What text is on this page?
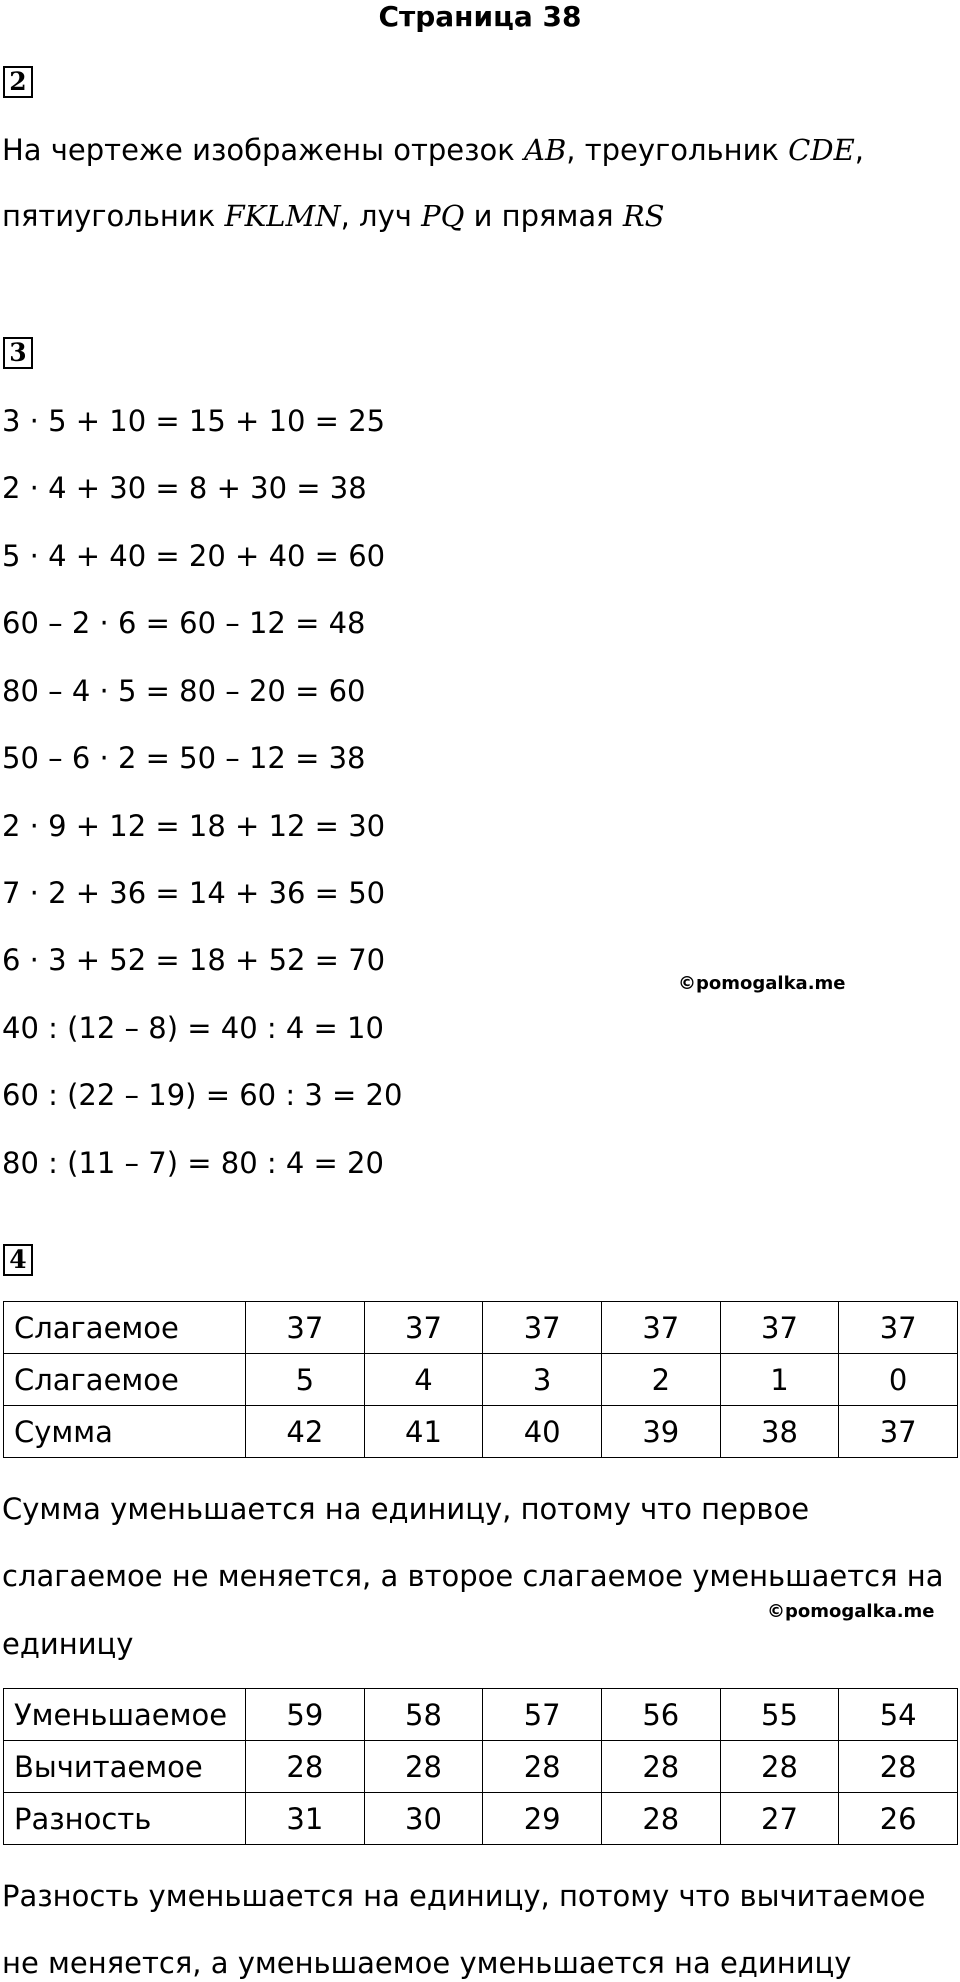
Страница 38
2
На чертеже изображены отрезок AB, треугольник CDE,
пятиугольник FKLMN, луч PQ и прямая RS
3
3 · 5 + 10 = 15 + 10 = 25
2 · 4 + 30 = 8 + 30 = 38
5 · 4 + 40 = 20 + 40 = 60
60 – 2 · 6 = 60 – 12 = 48
80 – 4 · 5 = 80 – 20 = 60
50 – 6 · 2 = 50 – 12 = 38
2 · 9 + 12 = 18 + 12 = 30
7 · 2 + 36 = 14 + 36 = 50
6 · 3 + 52 = 18 + 52 = 70
40 : (12 – 8) = 40 : 4 = 10
60 : (22 – 19) = 60 : 3 = 20
80 : (11 – 7) = 80 : 4 = 20
©pomogalka.me
4
Слагаемое	37	37	37	37	37	37
Слагаемое	5	4	3	2	1	0
Сумма	42	41	40	39	38	37
Сумма уменьшается на единицу, потому что первое
слагаемое не меняется, а второе слагаемое уменьшается на
©pomogalka.me
единицу
Уменьшаемое	59	58	57	56	55	54
Вычитаемое	28	28	28	28	28	28
Разность	31	30	29	28	27	26
Разность уменьшается на единицу, потому что вычитаемое
не меняется, а уменьшаемое уменьшается на единицу
